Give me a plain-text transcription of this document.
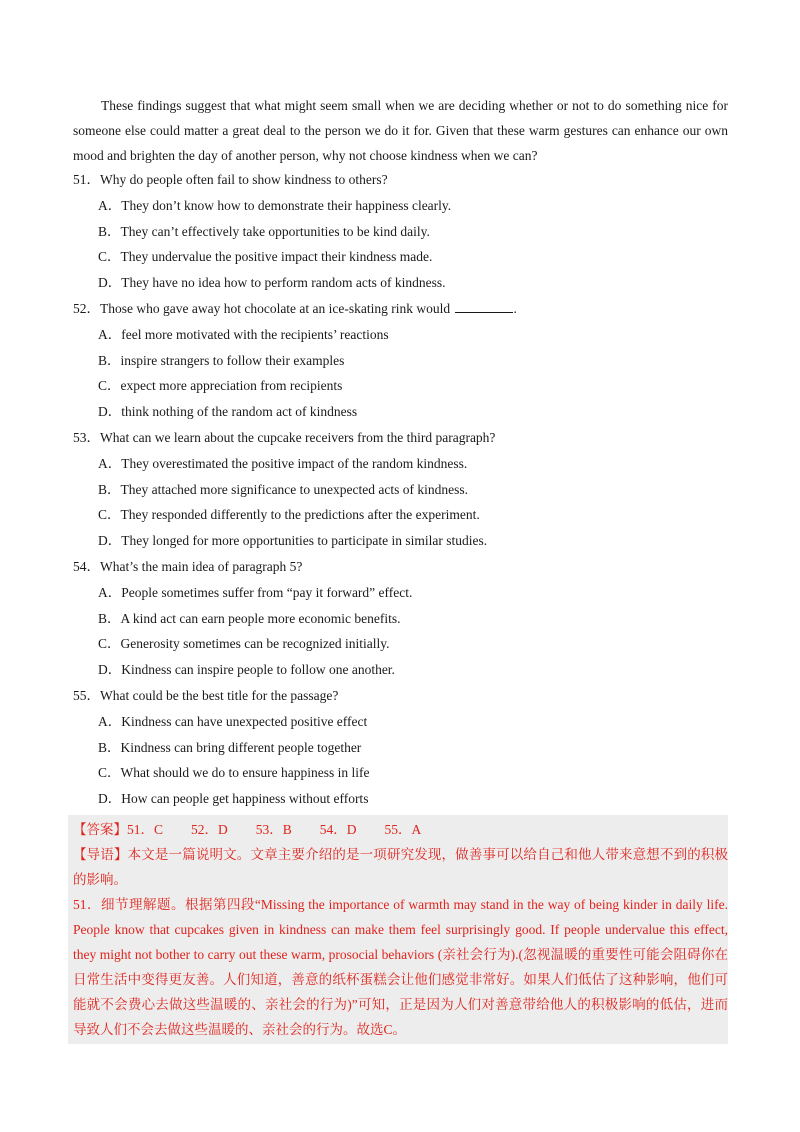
These findings suggest that what might seem small when we are deciding whether or not to do something nice for someone else could matter a great deal to the person we do it for. Given that these warm gestures can enhance our own mood and brighten the day of another person, why not choose kindness when we can?

51．Why do people often fail to show kindness to others?
A．They don’t know how to demonstrate their happiness clearly.
B．They can’t effectively take opportunities to be kind daily.
C．They undervalue the positive impact their kindness made.
D．They have no idea how to perform random acts of kindness.
52．Those who gave away hot chocolate at an ice-skating rink would	.
A．feel more motivated with the recipients’ reactions
B．inspire strangers to follow their examples
C．expect more appreciation from recipients
D．think nothing of the random act of kindness
53．What can we learn about the cupcake receivers from the third paragraph?
A．They overestimated the positive impact of the random kindness.
B．They attached more significance to unexpected acts of kindness.
C．They responded differently to the predictions after the experiment.
D．They longed for more opportunities to participate in similar studies.
54．What’s the main idea of paragraph 5?
A．People sometimes suffer from “pay it forward” effect.
B．A kind act can earn people more economic benefits.
C．Generosity sometimes can be recognized initially.
D．Kindness can inspire people to follow one another.
55．What could be the best title for the passage?
A．Kindness can have unexpected positive effect
B．Kindness can bring different people together
C．What should we do to ensure happiness in life
D．How can people get happiness without efforts
【答案】51．C 52．D 53．B 54．D 55．A

【导语】本文是一篇说明文。文章主要介绍的是一项研究发现，做善事可以给自己和他人带来意想不到的积极的影响。

51．细节理解题。根据第四段“Missing the importance of warmth may stand in the way of being kinder in daily life. People know that cupcakes given in kindness can make them feel surprisingly good. If people undervalue this effect, they might not bother to carry out these warm, prosocial behaviors (亲社会行为).(忽视温暖的重要性可能会阻碍你在日常生活中变得更友善。人们知道，善意的纸杯蛋糕会让他们感觉非常好。如果人们低估了这种影响，他们可能就不会费心去做这些温暖的、亲社会的行为)”可知，正是因为人们对善意带给他人的积极影响的低估，进而导致人们不会去做这些温暖的、亲社会的行为。故选C。
